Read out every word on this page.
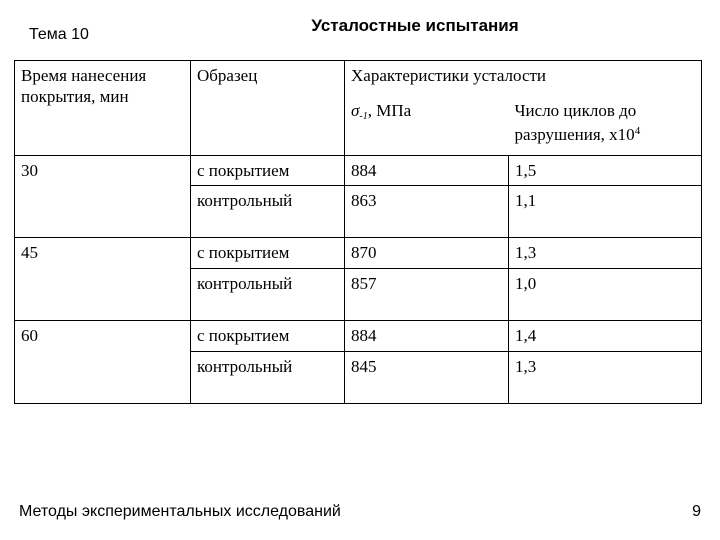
Тема 10	Усталостные испытания
Время нанесения покрытия, мин	Образец	Характеристики усталости	
		$\sigma_{-1}$, МПа	Число циклов до разрушения, $х10^4$
30	с покрытием	884	1,5
	контрольный	863	1,1
45	с покрытием	870	1,3
	контрольный	857	1,0
60	с покрытием	884	1,4
	контрольный	845	1,3
Методы экспериментальных исследований	9
